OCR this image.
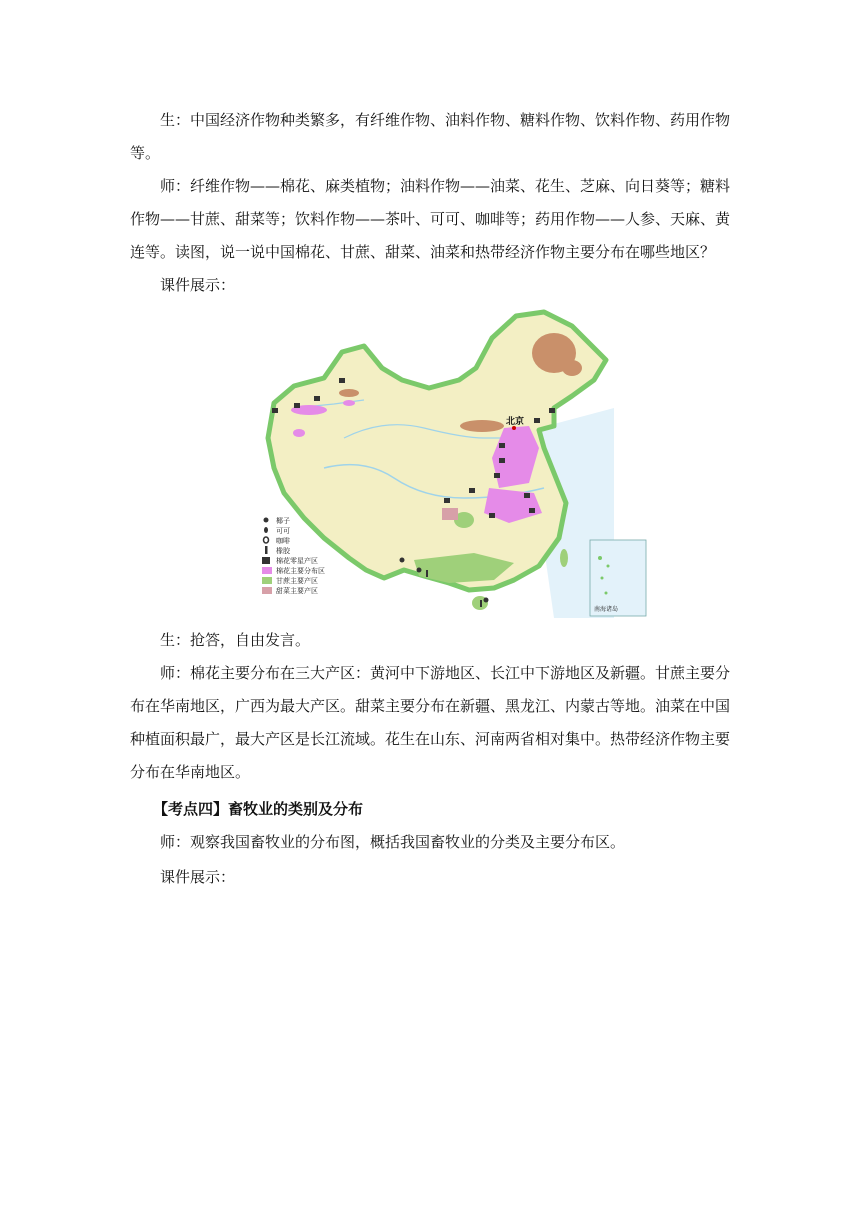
生：中国经济作物种类繁多，有纤维作物、油料作物、糖料作物、饮料作物、药用作物等。

师：纤维作物——棉花、麻类植物；油料作物——油菜、花生、芝麻、向日葵等；糖料作物——甘蔗、甜菜等；饮料作物——茶叶、可可、咖啡等；药用作物——人参、天麻、黄连等。读图，说一说中国棉花、甘蔗、甜菜、油菜和热带经济作物主要分布在哪些地区？

课件展示：

北京
南海诸岛
椰子
可可
咖啡
橡胶
棉花零星产区
棉花主要分布区
甘蔗主要产区
甜菜主要产区

生：抢答，自由发言。

师：棉花主要分布在三大产区：黄河中下游地区、长江中下游地区及新疆。甘蔗主要分布在华南地区，广西为最大产区。甜菜主要分布在新疆、黑龙江、内蒙古等地。油菜在中国种植面积最广，最大产区是长江流域。花生在山东、河南两省相对集中。热带经济作物主要分布在华南地区。

【考点四】畜牧业的类别及分布

师：观察我国畜牧业的分布图，概括我国畜牧业的分类及主要分布区。

课件展示：
